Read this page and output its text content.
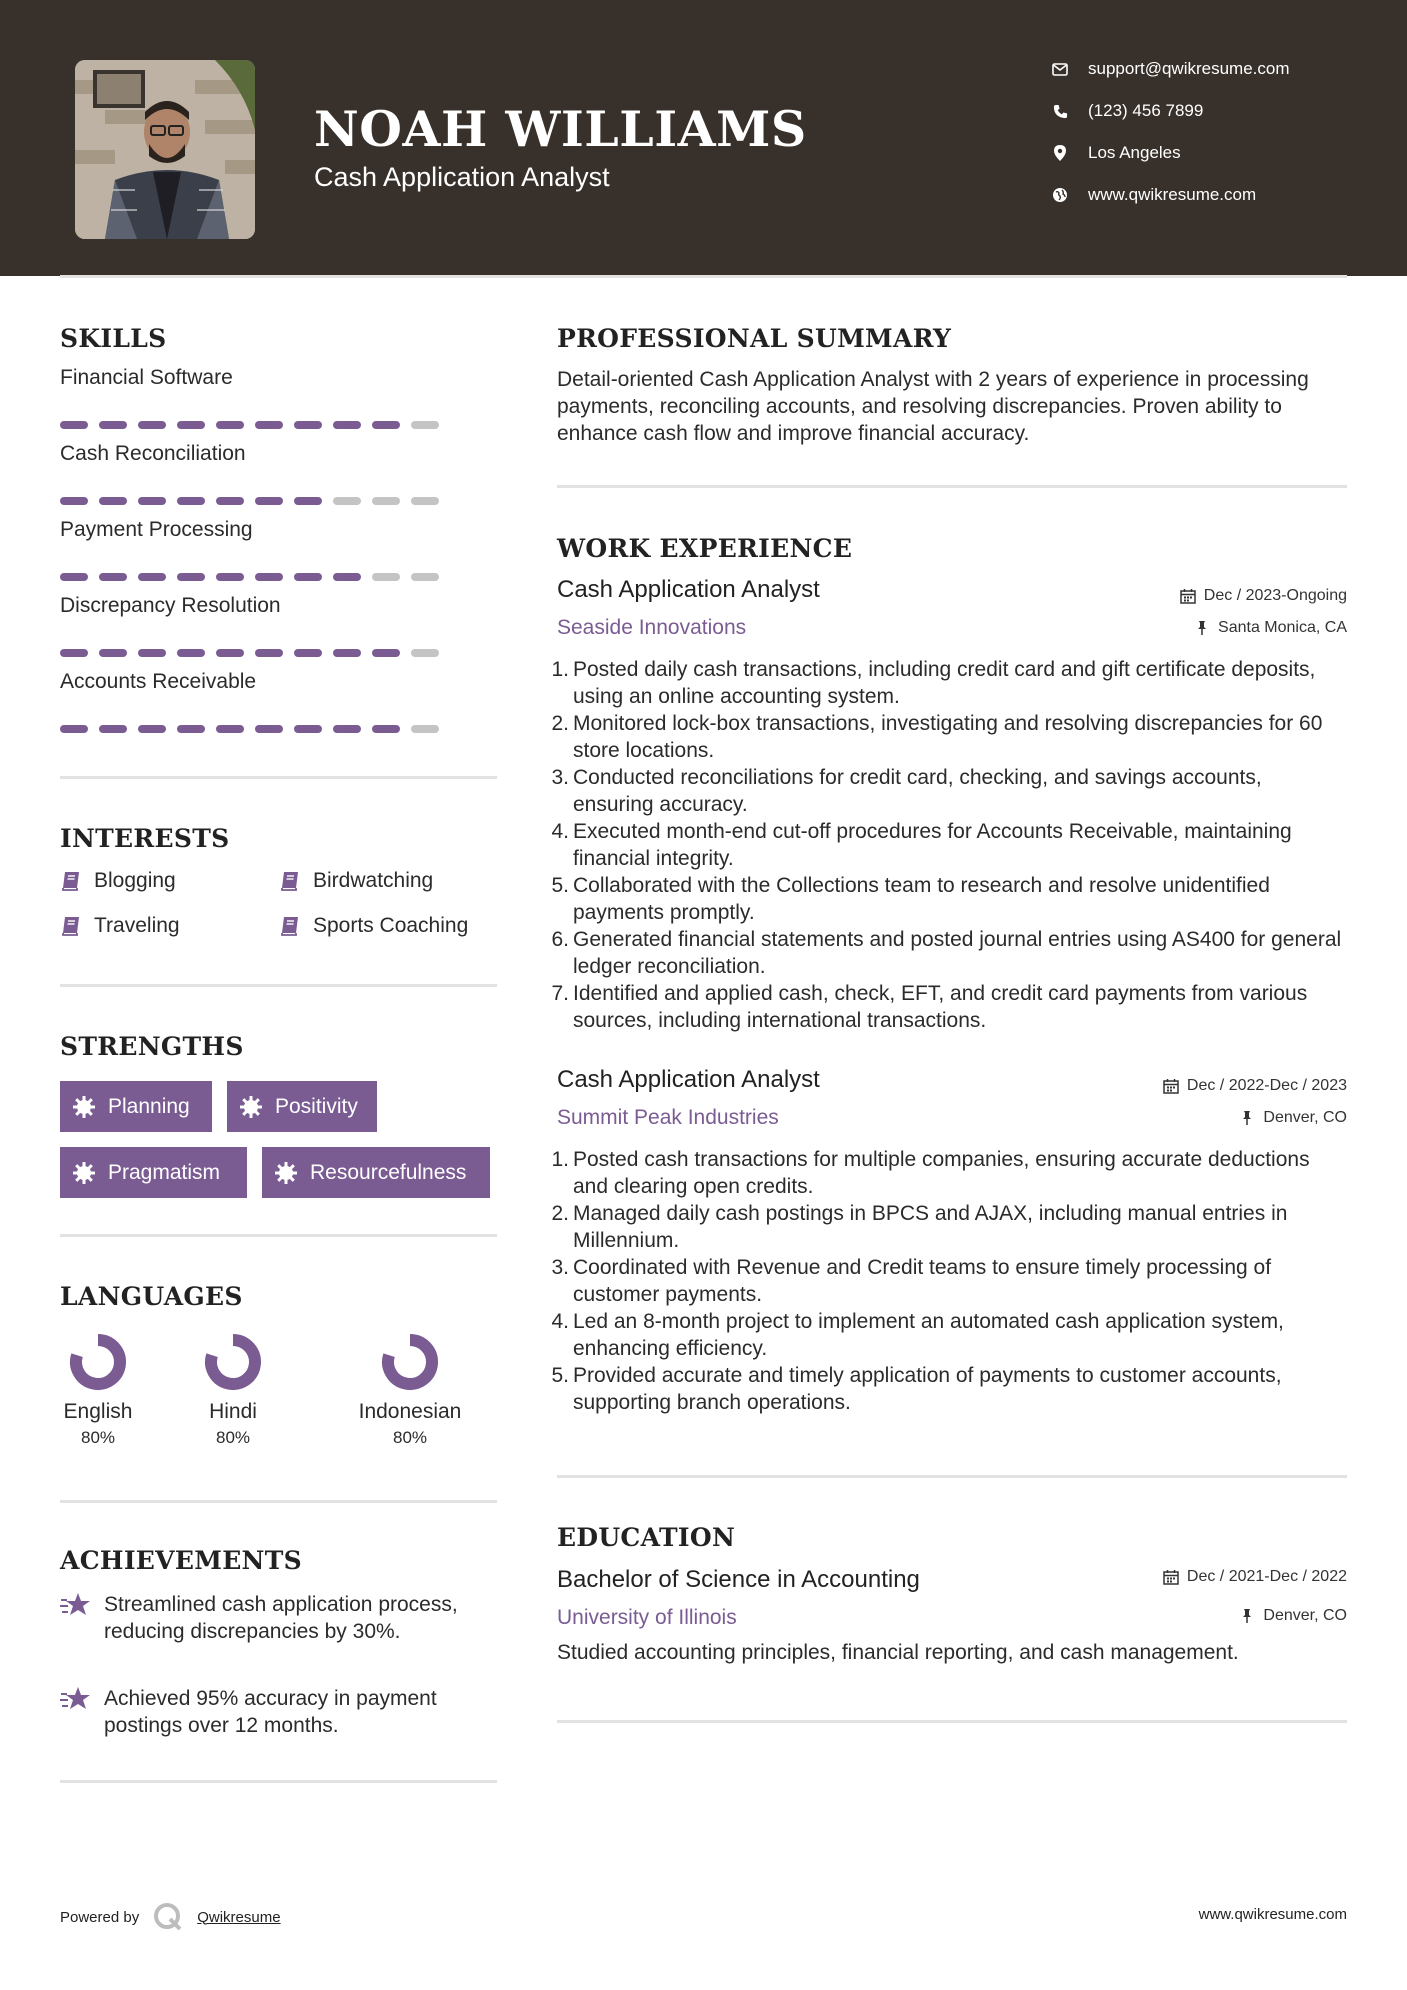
NOAH WILLIAMS
Cash Application Analyst
support@qwikresume.com
(123) 456 7899
Los Angeles
www.qwikresume.com
SKILLS
Financial Software
Cash Reconciliation
Payment Processing
Discrepancy Resolution
Accounts Receivable
INTERESTS
Blogging	Birdwatching
Traveling	Sports Coaching
STRENGTHS
Planning	Positivity
Pragmatism	Resourcefulness
LANGUAGES
English
80%
Hindi
80%
Indonesian
80%
ACHIEVEMENTS
Streamlined cash application process, reducing discrepancies by 30%.
Achieved 95% accuracy in payment postings over 12 months.
PROFESSIONAL SUMMARY
Detail-oriented Cash Application Analyst with 2 years of experience in processing payments, reconciling accounts, and resolving discrepancies. Proven ability to enhance cash flow and improve financial accuracy.
WORK EXPERIENCE
Cash Application Analyst	Dec / 2023-Ongoing
Seaside Innovations	Santa Monica, CA
1. Posted daily cash transactions, including credit card and gift certificate deposits, using an online accounting system.
2. Monitored lock-box transactions, investigating and resolving discrepancies for 60 store locations.
3. Conducted reconciliations for credit card, checking, and savings accounts, ensuring accuracy.
4. Executed month-end cut-off procedures for Accounts Receivable, maintaining financial integrity.
5. Collaborated with the Collections team to research and resolve unidentified payments promptly.
6. Generated financial statements and posted journal entries using AS400 for general ledger reconciliation.
7. Identified and applied cash, check, EFT, and credit card payments from various sources, including international transactions.
Cash Application Analyst	Dec / 2022-Dec / 2023
Summit Peak Industries	Denver, CO
1. Posted cash transactions for multiple companies, ensuring accurate deductions and clearing open credits.
2. Managed daily cash postings in BPCS and AJAX, including manual entries in Millennium.
3. Coordinated with Revenue and Credit teams to ensure timely processing of customer payments.
4. Led an 8-month project to implement an automated cash application system, enhancing efficiency.
5. Provided accurate and timely application of payments to customer accounts, supporting branch operations.
EDUCATION
Bachelor of Science in Accounting	Dec / 2021-Dec / 2022
University of Illinois	Denver, CO
Studied accounting principles, financial reporting, and cash management.
Powered by	Qwikresume	www.qwikresume.com
